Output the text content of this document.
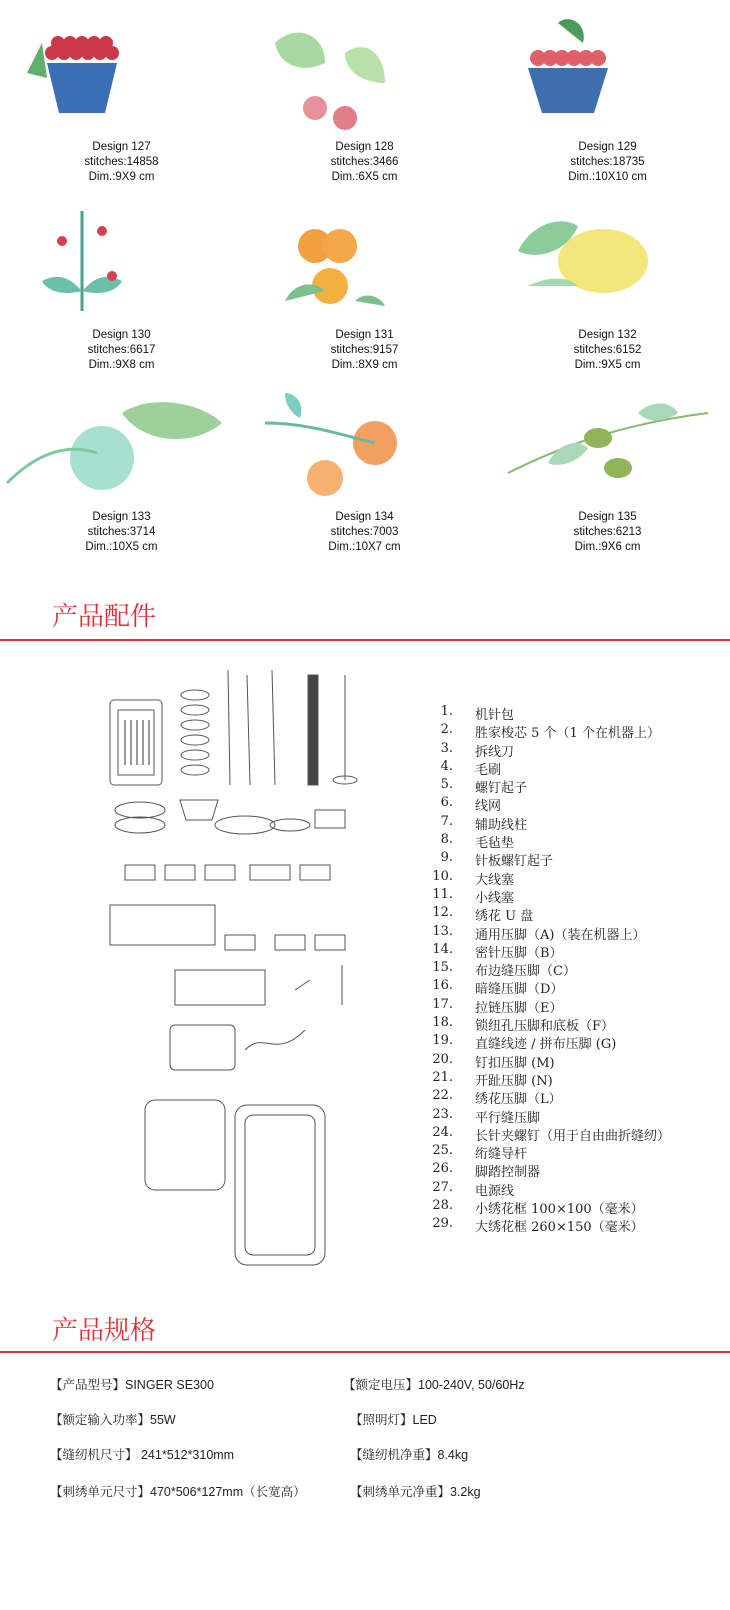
Design 127
stitches:14858
Dim.:9X9 cm
Design 128
stitches:3466
Dim.:6X5 cm
Design 129
stitches:18735
Dim.:10X10 cm
Design 130
stitches:6617
Dim.:9X8 cm
Design 131
stitches:9157
Dim.:8X9 cm
Design 132
stitches:6152
Dim.:9X5 cm
Design 133
stitches:3714
Dim.:10X5 cm
Design 134
stitches:7003
Dim.:10X7 cm
Design 135
stitches:6213
Dim.:9X6 cm
产品配件
1.	机针包
2.	胜家梭芯 5 个（1 个在机器上）
3.	拆线刀
4.	毛刷
5.	螺钉起子
6.	线网
7.	辅助线柱
8.	毛毡垫
9.	针板螺钉起子
10.	大线塞
11.	小线塞
12.	绣花 U 盘
13.	通用压脚（A)（装在机器上）
14.	密针压脚（B）
15.	布边缝压脚（C）
16.	暗缝压脚（D）
17.	拉链压脚（E）
18.	锁纽孔压脚和底板（F）
19.	直缝线迹 / 拼布压脚 (G)
20.	钉扣压脚 (M)
21.	开趾压脚 (N)
22.	绣花压脚（L）
23.	平行缝压脚
24.	长针夹螺钉（用于自由曲折缝纫）
25.	绗缝导杆
26.	脚踏控制器
27.	电源线
28.	小绣花框 100×100（毫米）
29.	大绣花框 260×150（毫米）
产品规格
【产品型号】SINGER SE300	【额定电压】100-240V, 50/60Hz
【额定输入功率】55W	【照明灯】LED
【缝纫机尺寸】 241*512*310mm	【缝纫机净重】8.4kg
【刺绣单元尺寸】470*506*127mm（长宽高）	【刺绣单元净重】3.2kg
